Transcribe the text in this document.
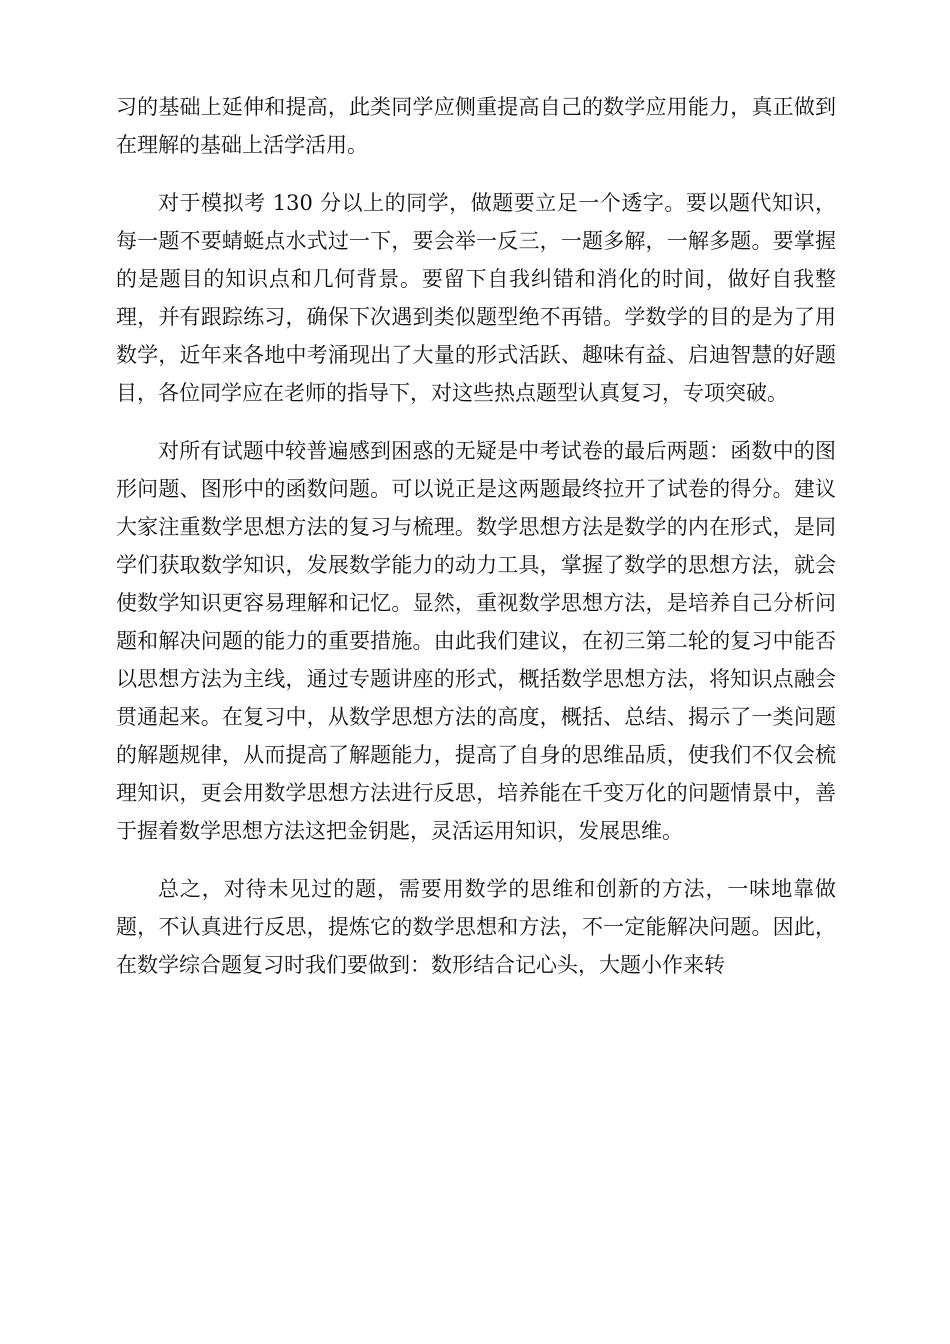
习的基础上延伸和提高，此类同学应侧重提高自己的数学应用能力，真正做到在理解的基础上活学活用。

对于模拟考 130 分以上的同学，做题要立足一个透字。要以题代知识，每一题不要蜻蜓点水式过一下，要会举一反三，一题多解，一解多题。要掌握的是题目的知识点和几何背景。要留下自我纠错和消化的时间，做好自我整理，并有跟踪练习，确保下次遇到类似题型绝不再错。学数学的目的是为了用数学，近年来各地中考涌现出了大量的形式活跃、趣味有益、启迪智慧的好题目，各位同学应在老师的指导下，对这些热点题型认真复习，专项突破。

对所有试题中较普遍感到困惑的无疑是中考试卷的最后两题：函数中的图形问题、图形中的函数问题。可以说正是这两题最终拉开了试卷的得分。建议大家注重数学思想方法的复习与梳理。数学思想方法是数学的内在形式，是同学们获取数学知识，发展数学能力的动力工具，掌握了数学的思想方法，就会使数学知识更容易理解和记忆。显然，重视数学思想方法，是培养自己分析问题和解决问题的能力的重要措施。由此我们建议，在初三第二轮的复习中能否以思想方法为主线，通过专题讲座的形式，概括数学思想方法，将知识点融会贯通起来。在复习中，从数学思想方法的高度，概括、总结、揭示了一类问题的解题规律，从而提高了解题能力，提高了自身的思维品质，使我们不仅会梳理知识，更会用数学思想方法进行反思，培养能在千变万化的问题情景中，善于握着数学思想方法这把金钥匙，灵活运用知识，发展思维。

总之，对待未见过的题，需要用数学的思维和创新的方法，一味地靠做题，不认真进行反思，提炼它的数学思想和方法，不一定能解决问题。因此，在数学综合题复习时我们要做到：数形结合记心头，大题小作来转
